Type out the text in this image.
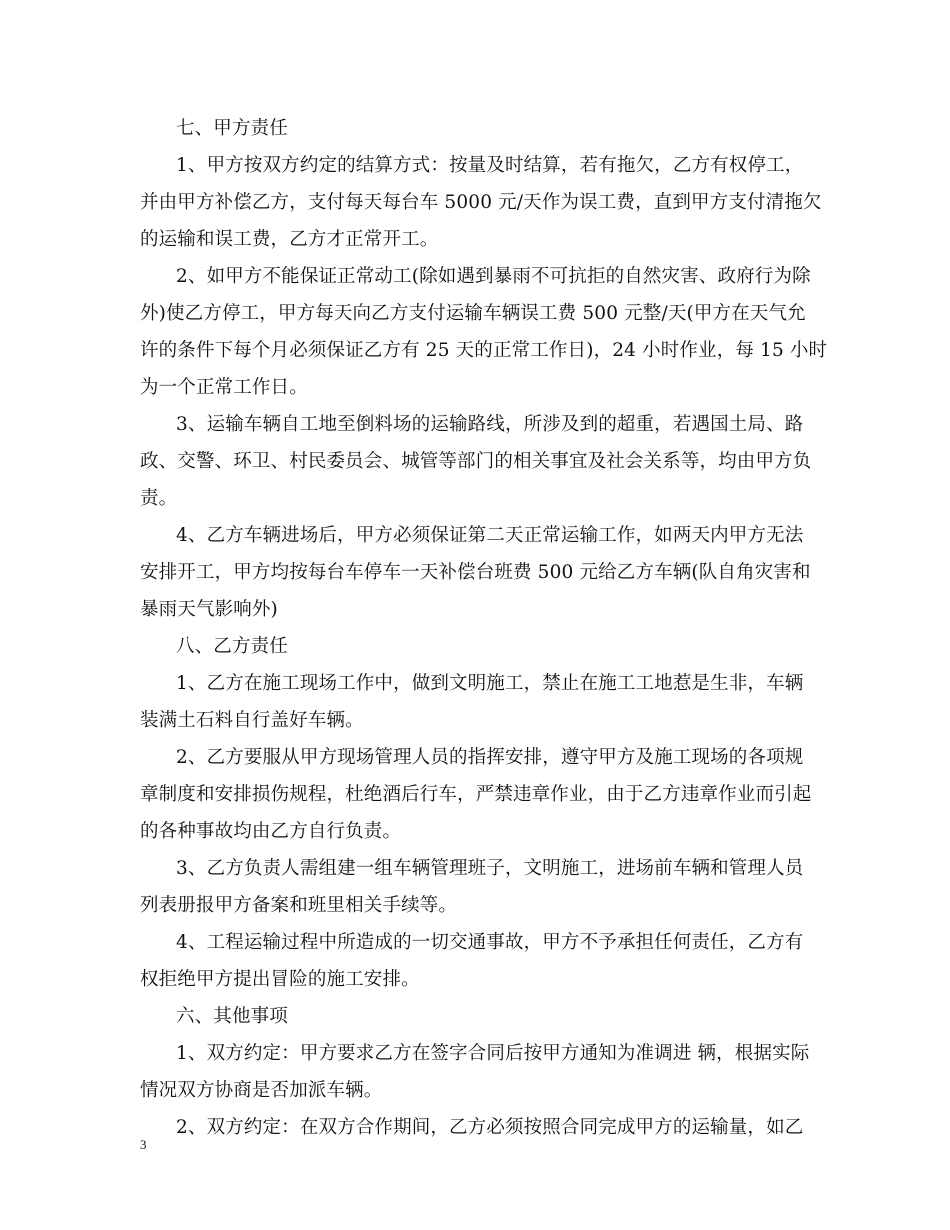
七、甲方责任
1、甲方按双方约定的结算方式：按量及时结算，若有拖欠，乙方有权停工，
并由甲方补偿乙方，支付每天每台车 5000 元/天作为误工费，直到甲方支付清拖欠
的运输和误工费，乙方才正常开工。
2、如甲方不能保证正常动工(除如遇到暴雨不可抗拒的自然灾害、政府行为除
外)使乙方停工，甲方每天向乙方支付运输车辆误工费 500 元整/天(甲方在天气允
许的条件下每个月必须保证乙方有 25 天的正常工作日)，24 小时作业，每 15 小时
为一个正常工作日。
3、运输车辆自工地至倒料场的运输路线，所涉及到的超重，若遇国土局、路
政、交警、环卫、村民委员会、城管等部门的相关事宜及社会关系等，均由甲方负
责。
4、乙方车辆进场后，甲方必须保证第二天正常运输工作，如两天内甲方无法
安排开工，甲方均按每台车停车一天补偿台班费 500 元给乙方车辆(队自角灾害和
暴雨天气影响外)
八、乙方责任
1、乙方在施工现场工作中，做到文明施工，禁止在施工工地惹是生非，车辆
装满土石料自行盖好车辆。
2、乙方要服从甲方现场管理人员的指挥安排，遵守甲方及施工现场的各项规
章制度和安排损伤规程，杜绝酒后行车，严禁违章作业，由于乙方违章作业而引起
的各种事故均由乙方自行负责。
3、乙方负责人需组建一组车辆管理班子，文明施工，进场前车辆和管理人员
列表册报甲方备案和班里相关手续等。
4、工程运输过程中所造成的一切交通事故，甲方不予承担任何责任，乙方有
权拒绝甲方提出冒险的施工安排。
六、其他事项
1、双方约定：甲方要求乙方在签字合同后按甲方通知为准调进 辆，根据实际
情况双方协商是否加派车辆。
2、双方约定：在双方合作期间，乙方必须按照合同完成甲方的运输量，如乙
3
